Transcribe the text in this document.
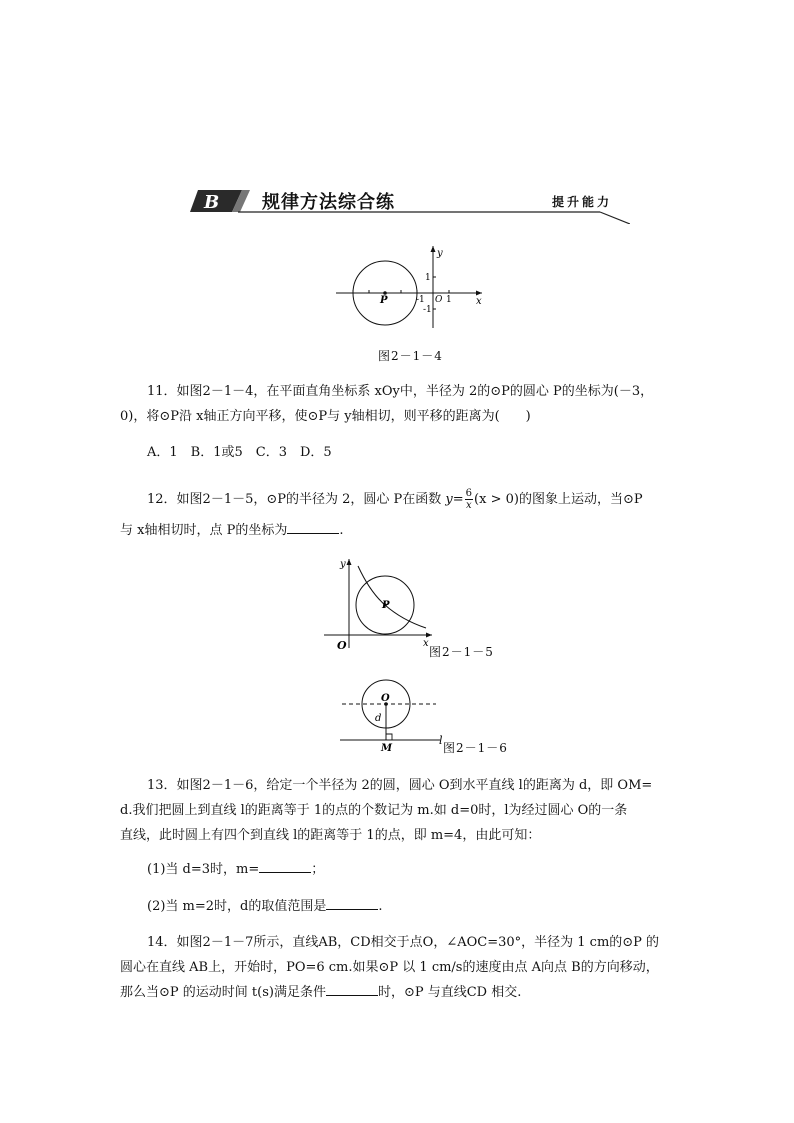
B 规律方法综合练	提升能力
y
x
1
O
-1 1
-1
P
图2－1－4
11．如图2－1－4，在平面直角坐标系 xOy中，半径为 2的⊙P的圆心 P的坐标为(－3，
0)，将⊙P沿 x轴正方向平移，使⊙P与 y轴相切，则平移的距离为(　　)
A．1　B．1或5　C．3　D．5
12．如图2－1－5，⊙P的半径为 2，圆心 P在函数 $y= \frac{6}{x} (x > 0)$的图象上运动，当⊙P
与 x轴相切时，点 P的坐标为	.
y
x
O
P
图2－1－5
O
d
M
l
图2－1－6
13．如图2－1－6，给定一个半径为 2的圆，圆心 O到水平直线 l的距离为 d，即 OM=
d.我们把圆上到直线 l的距离等于 1的点的个数记为 m.如 d=0时，l为经过圆心 O的一条
直线，此时圆上有四个到直线 l的距离等于 1的点，即 m=4，由此可知：
(1)当 d=3时，m=	；
(2)当 m=2时，d的取值范围是	.
14．如图2－1－7所示，直线AB，CD相交于点O，∠AOC=30°，半径为 1 cm的⊙P 的
圆心在直线 AB上，开始时，PO=6 cm.如果⊙P 以 1 cm/s的速度由点 A向点 B的方向移动，
那么当⊙P 的运动时间 t(s)满足条件	时，⊙P 与直线CD 相交.
